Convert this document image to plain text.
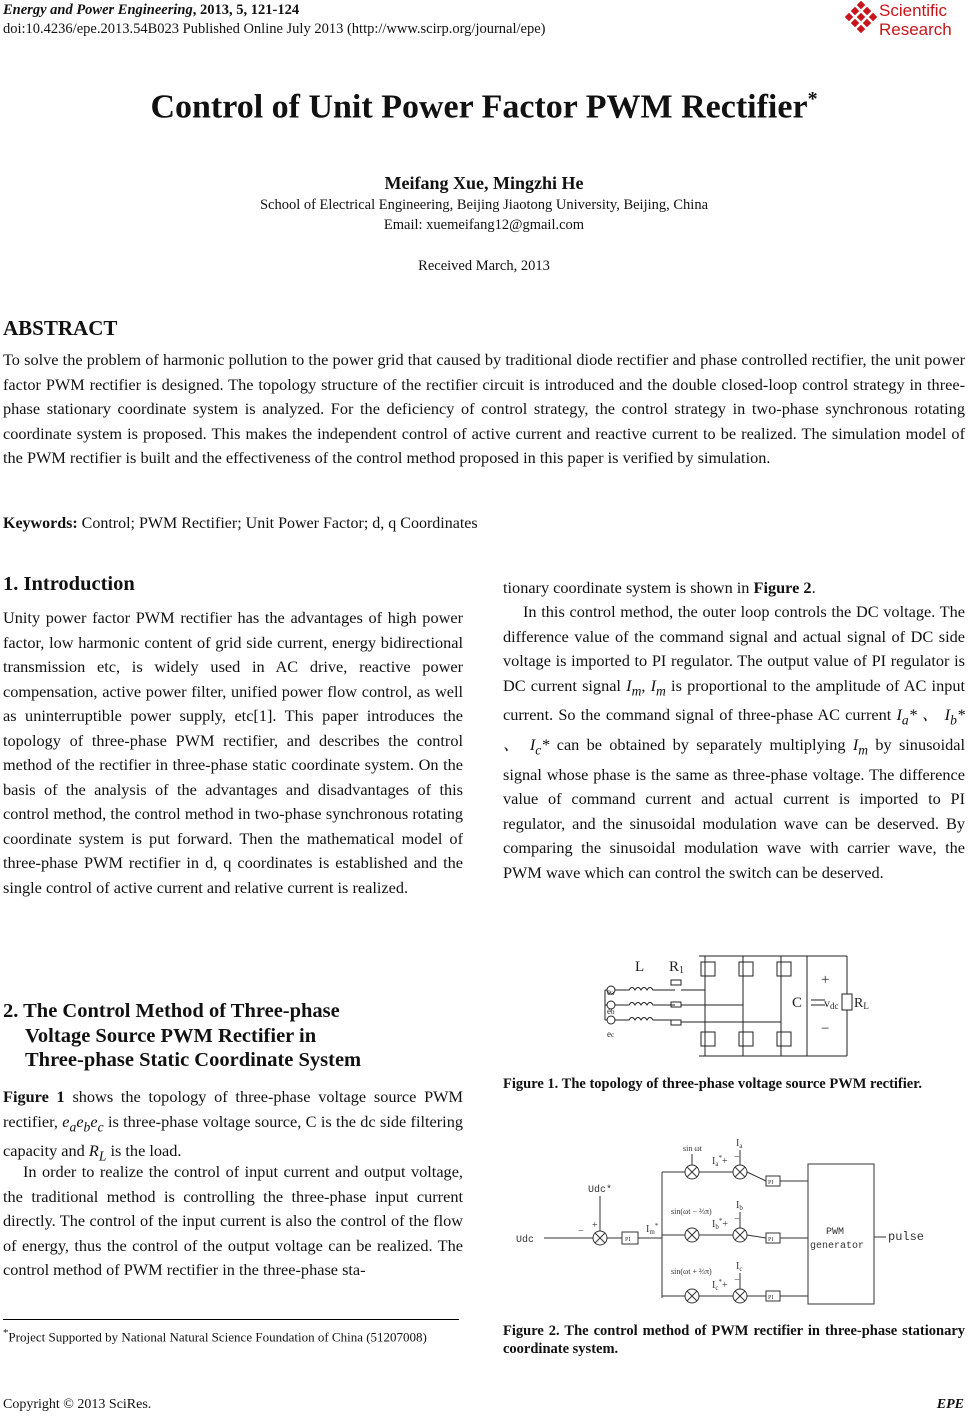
Energy and Power Engineering, 2013, 5, 121-124
doi:10.4236/epe.2013.54B023 Published Online July 2013 (http://www.scirp.org/journal/epe)
Scientific
Research
Control of Unit Power Factor PWM Rectifier*
Meifang Xue, Mingzhi He
School of Electrical Engineering, Beijing Jiaotong University, Beijing, China
Email: xuemeifang12@gmail.com
Received March, 2013
ABSTRACT
To solve the problem of harmonic pollution to the power grid that caused by traditional diode rectifier and phase controlled rectifier, the unit power factor PWM rectifier is designed. The topology structure of the rectifier circuit is introduced and the double closed-loop control strategy in three-phase stationary coordinate system is analyzed. For the deficiency of control strategy, the control strategy in two-phase synchronous rotating coordinate system is proposed. This makes the independent control of active current and reactive current to be realized. The simulation model of the PWM rectifier is built and the effectiveness of the control method proposed in this paper is verified by simulation.
Keywords: Control; PWM Rectifier; Unit Power Factor; d, q Coordinates
1. Introduction
Unity power factor PWM rectifier has the advantages of high power factor, low harmonic content of grid side current, energy bidirectional transmission etc, is widely used in AC drive, reactive power compensation, active power filter, unified power flow control, as well as uninterruptible power supply, etc[1]. This paper introduces the topology of three-phase PWM rectifier, and describes the control method of the rectifier in three-phase static coordinate system. On the basis of the analysis of the advantages and disadvantages of this control method, the control method in two-phase synchronous rotating coordinate system is put forward. Then the mathematical model of three-phase PWM rectifier in d, q coordinates is established and the single control of active current and relative current is realized.
2. The Control Method of Three-phase
Voltage Source PWM Rectifier in
Three-phase Static Coordinate System
Figure 1 shows the topology of three-phase voltage source PWM rectifier, $e_ae_be_c$ is three-phase voltage source, C is the dc side filtering capacity and $R_L$ is the load.
In order to realize the control of input current and output voltage, the traditional method is controlling the three-phase input current directly. The control of the input current is also the control of the flow of energy, thus the control of the output voltage can be realized. The control method of PWM rectifier in the three-phase sta-
tionary coordinate system is shown in Figure 2.
In this control method, the outer loop controls the DC voltage. The difference value of the command signal and actual signal of DC side voltage is imported to PI regulator. The output value of PI regulator is DC current signal $I_m$, $I_m$ is proportional to the amplitude of AC input current. So the command signal of three-phase AC current $I_a*$ 、 $I_b*$ 、 $I_c*$ can be obtained by separately multiplying $I_m$ by sinusoidal signal whose phase is the same as three-phase voltage. The difference value of command current and actual current is imported to PI regulator, and the sinusoidal modulation wave can be deserved. By comparing the sinusoidal modulation wave with carrier wave, the PWM wave which can control the switch can be deserved.
L R1
C
+
−
vdc RL
ea
eb
ec
Figure 1. The topology of three-phase voltage source PWM rectifier.
Udc*
Udc
−
+
PI
$I_m^*$
sin ωt
sin(ωt − ⅔π)
sin(ωt + ⅔π)
$I_a$
$I_b$
$I_c$
$I_a^*+$
$I_b^*+$
$I_c^*+$
−
−
−
PI
PI
PI
PWM
generator
pulse
Figure 2. The control method of PWM rectifier in three-phase stationary coordinate system.
*Project Supported by National Natural Science Foundation of China (51207008)
Copyright © 2013 SciRes.	EPE
